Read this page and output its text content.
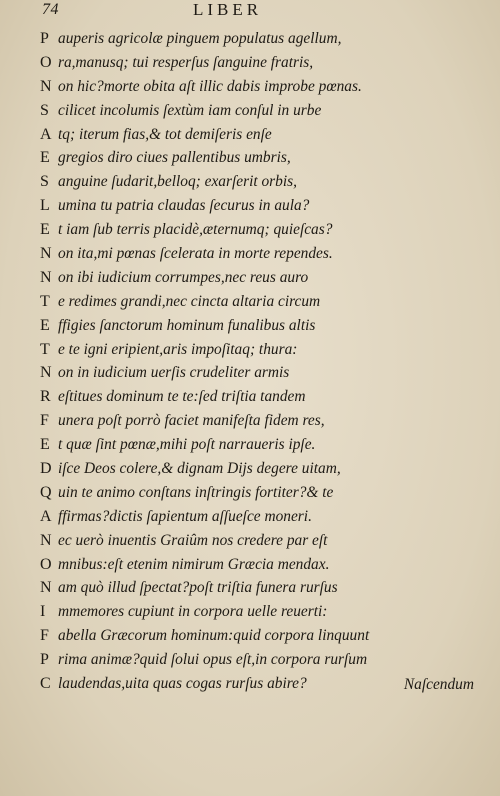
74	LIBER
P auperis agricolæ pinguem populatus agellum,
O ra,manusq; tui resperſus ſanguine fratris,
N on hic?morte obita aſt illic dabis improbe pœnas.
S cilicet incolumis ſextùm iam conſul in urbe
A tq; iterum fias,& tot demiſeris enſe
E gregios diro ciues pallentibus umbris,
S anguine ſudarit,belloq; exarſerit orbis,
L umina tu patria claudas ſecurus in aula?
E t iam ſub terris placidè,æternumq; quieſcas?
N on ita,mi pœnas ſcelerata in morte rependes.
N on ibi iudicium corrumpes,nec reus auro
T e redimes grandi,nec cincta altaria circum
E ffigies ſanctorum hominum funalibus altis
T e te igni eripient,aris impoſitaq; thura:
N on in iudicium uerſis crudeliter armis
R eſtitues dominum te te:ſed triſtia tandem
F unera poſt porrò faciet manifeſta fidem res,
E t quæ ſint pœnæ,mihi poſt narraueris ipſe.
D iſce Deos colere,& dignam Dijs degere uitam,
Q uin te animo conſtans inſtringis fortiter?& te
A ffirmas?dictis ſapientum aſſueſce moneri.
N ec uerò inuentis Graiûm nos credere par eſt
O mnibus:eſt etenim nimirum Græcia mendax.
N am quò illud ſpectat?poſt triſtia funera rurſus
I mmemores cupiunt in corpora uelle reuerti:
F abella Græcorum hominum:quid corpora linquunt
P rima animæ?quid ſolui opus eſt,in corpora rurſum
C laudendas,uita quas cogas rurſus abire?	Naſcendum
